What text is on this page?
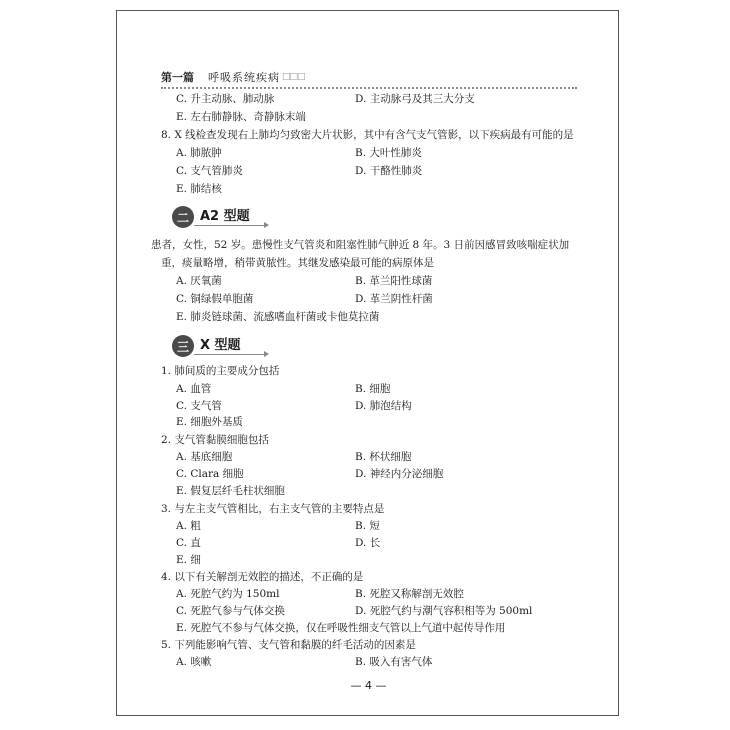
第一篇 呼吸系统疾病 □□□
C. 升主动脉、肺动脉	D. 主动脉弓及其三大分支
E. 左右肺静脉、奇静脉末端
8. X 线检查发现右上肺均匀致密大片状影，其中有含气支气管影，以下疾病最有可能的是
A. 肺脓肿	B. 大叶性肺炎
C. 支气管肺炎	D. 干酪性肺炎
E. 肺结核
二 A2 型题
患者，女性，52 岁。患慢性支气管炎和阻塞性肺气肿近 8 年。3 日前因感冒致咳喘症状加
重，痰量略增，稍带黄脓性。其继发感染最可能的病原体是
A. 厌氧菌	B. 革兰阳性球菌
C. 铜绿假单胞菌	D. 革兰阴性杆菌
E. 肺炎链球菌、流感嗜血杆菌或卡他莫拉菌
三 X 型题
1. 肺间质的主要成分包括
A. 血管	B. 细胞
C. 支气管	D. 肺泡结构
E. 细胞外基质
2. 支气管黏膜细胞包括
A. 基底细胞	B. 杯状细胞
C. Clara 细胞	D. 神经内分泌细胞
E. 假复层纤毛柱状细胞
3. 与左主支气管相比，右主支气管的主要特点是
A. 粗	B. 短
C. 直	D. 长
E. 细
4. 以下有关解剖无效腔的描述，不正确的是
A. 死腔气约为 150ml	B. 死腔又称解剖无效腔
C. 死腔气参与气体交换	D. 死腔气约与潮气容积相等为 500ml
E. 死腔气不参与气体交换，仅在呼吸性细支气管以上气道中起传导作用
5. 下列能影响气管、支气管和黏膜的纤毛活动的因素是
A. 咳嗽	B. 吸入有害气体
— 4 —
